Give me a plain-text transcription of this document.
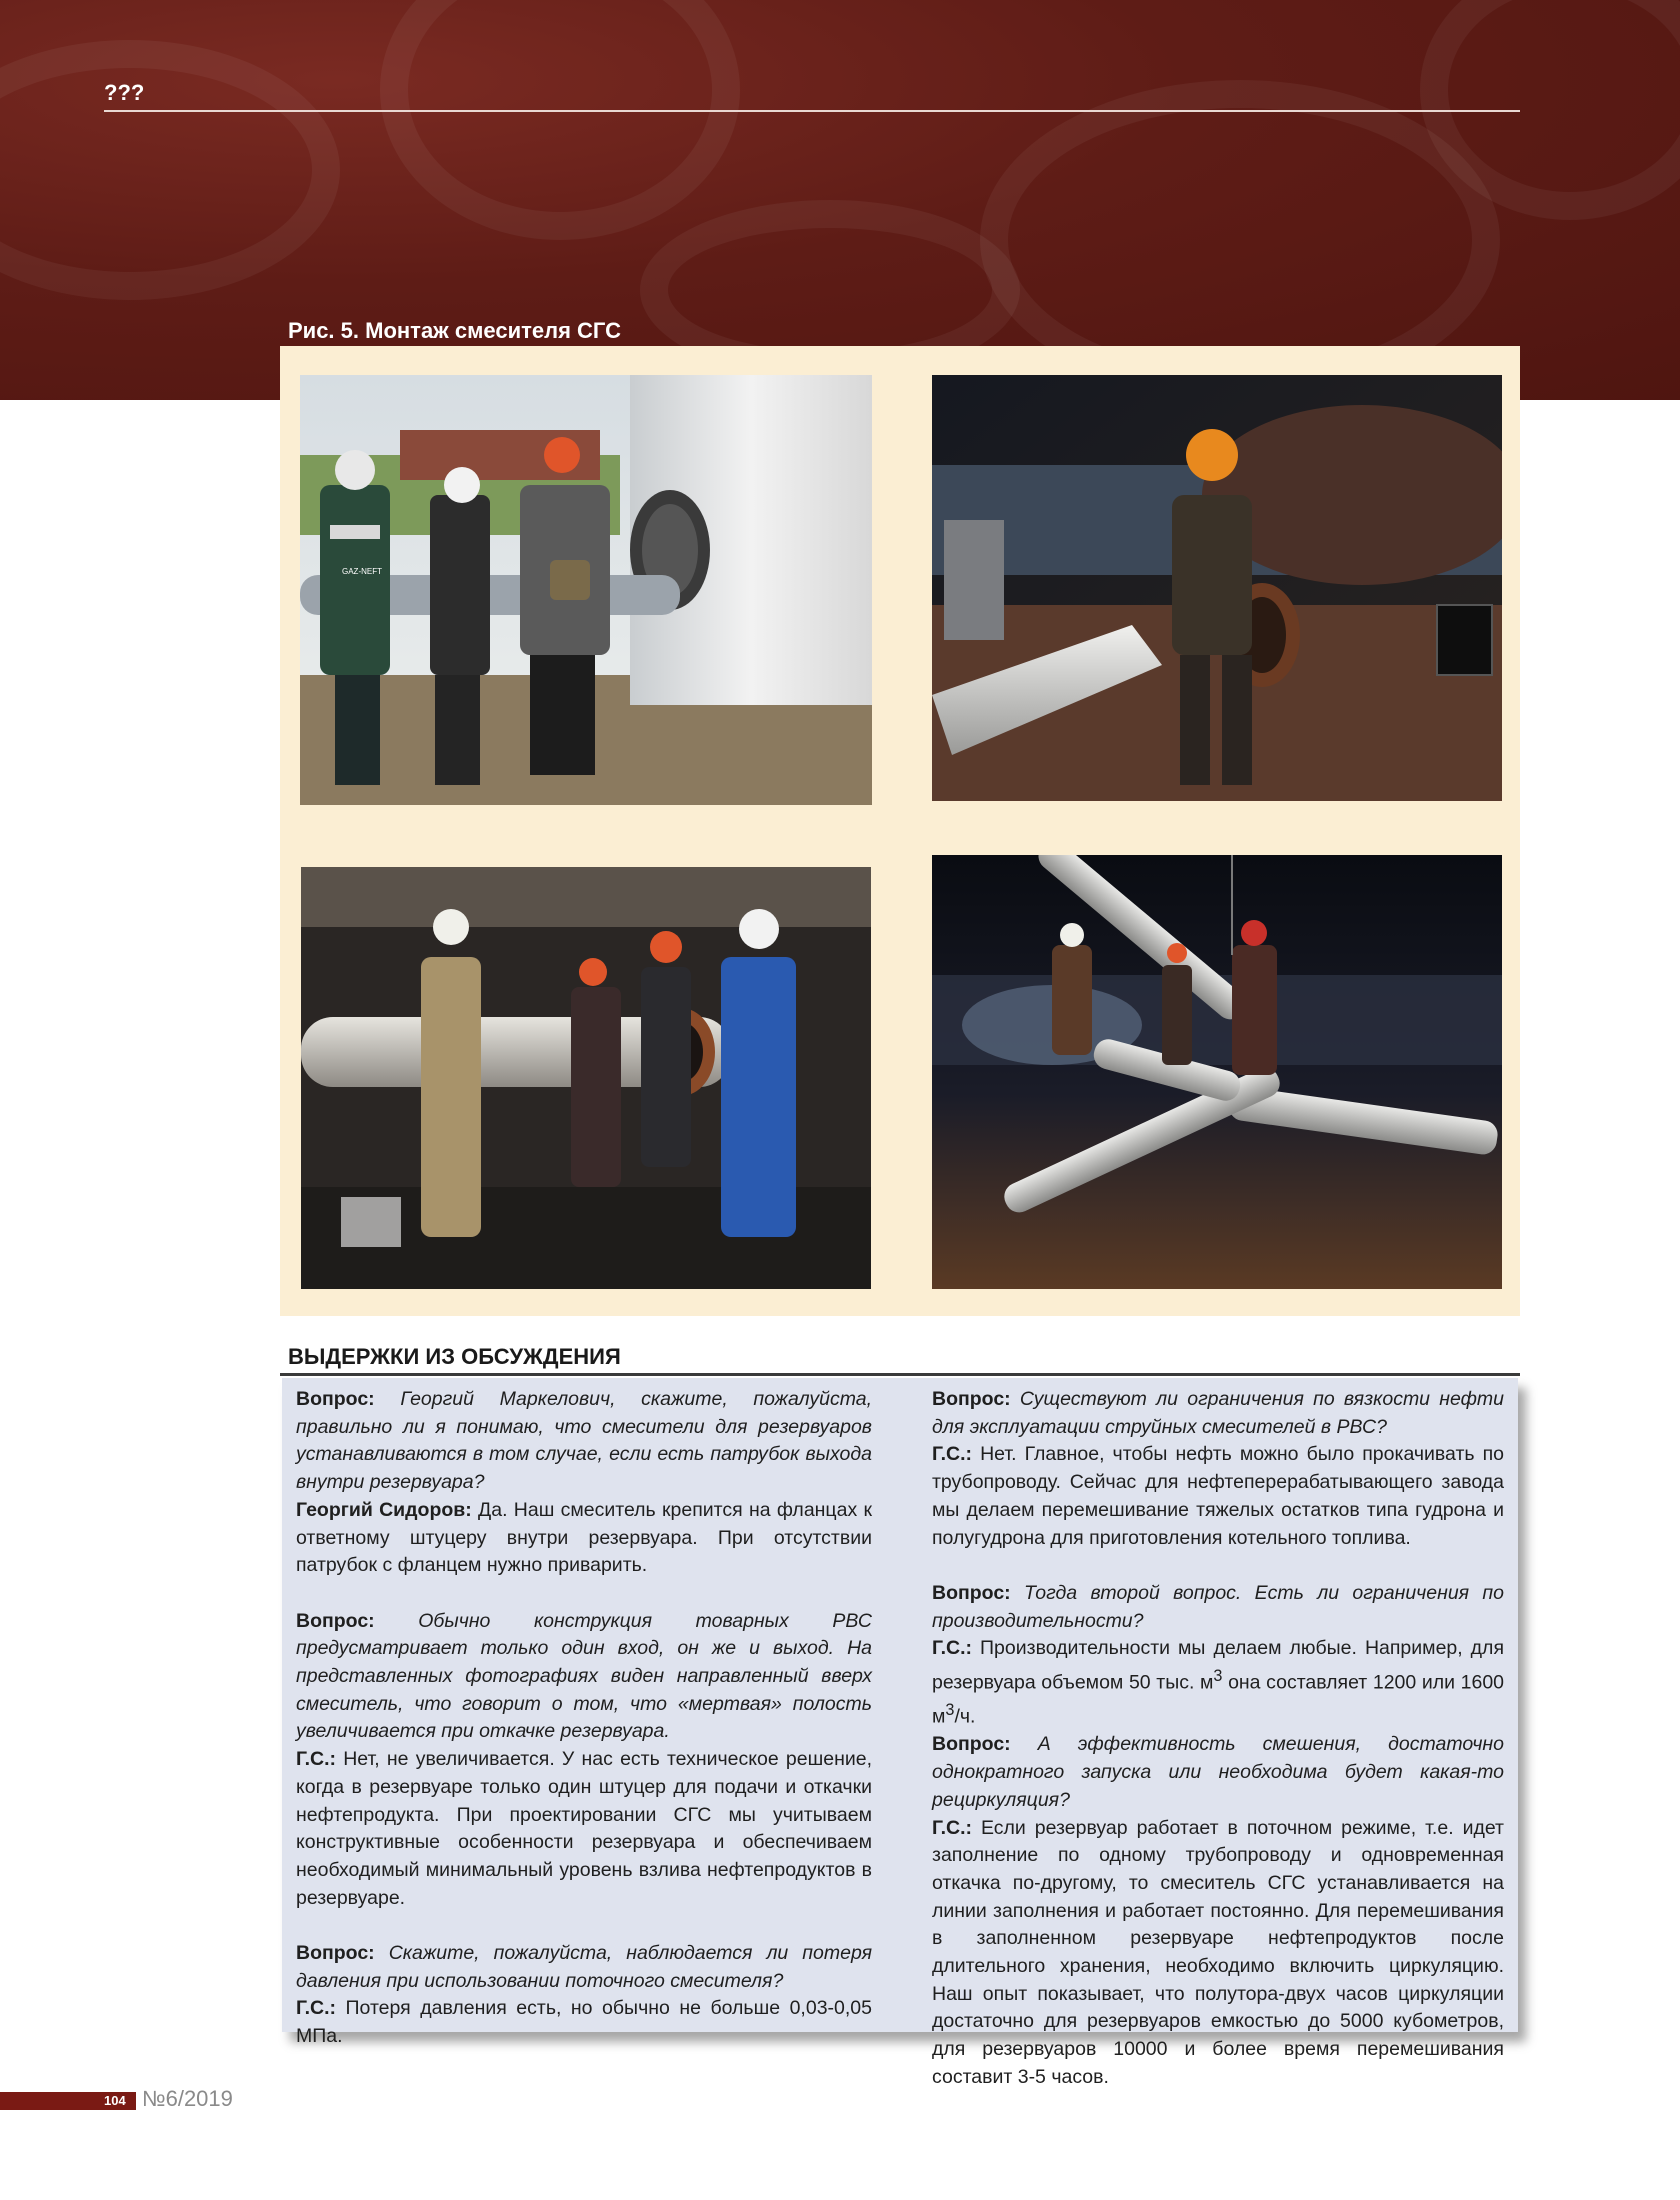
???
Рис. 5. Монтаж смесителя СГС
GAZ-NEFT
ВЫДЕРЖКИ ИЗ ОБСУЖДЕНИЯ

Вопрос: Георгий Маркелович, скажите, пожалуйста, правильно ли я понимаю, что смесители для резервуаров устанавливаются в том случае, если есть патрубок выхода внутри резервуара?

Георгий Сидоров: Да. Наш смеситель крепится на фланцах к ответному штуцеру внутри резервуара. При отсутствии патрубок с фланцем нужно приварить.

Вопрос: Обычно конструкция товарных РВС предусматривает только один вход, он же и выход. На представленных фотографиях виден направленный вверх смеситель, что говорит о том, что «мертвая» полость увеличивается при откачке резервуара.

Г.С.: Нет, не увеличивается. У нас есть техническое решение, когда в резервуаре только один штуцер для подачи и откачки нефтепродукта. При проектировании СГС мы учитываем конструктивные особенности резервуара и обеспечиваем необходимый минимальный уровень взлива нефтепродуктов в резервуаре.

Вопрос: Скажите, пожалуйста, наблюдается ли потеря давления при использовании поточного смесителя?

Г.С.: Потеря давления есть, но обычно не больше 0,03-0,05 МПа.

Вопрос: Существуют ли ограничения по вязкости нефти для эксплуатации струйных смесителей в РВС?

Г.С.: Нет. Главное, чтобы нефть можно было прокачивать по трубопроводу. Сейчас для нефтеперерабатывающего завода мы делаем перемешивание тяжелых остатков типа гудрона и полугудрона для приготовления котельного топлива.

Вопрос: Тогда второй вопрос. Есть ли ограничения по производительности?

Г.С.: Производительности мы делаем любые. Например, для резервуара объемом 50 тыс. $м^3$ она составляет 1200 или 1600 $м^3/ч$.

Вопрос: А эффективность смешения, достаточно однократного запуска или необходима будет какая-то рециркуляция?

Г.С.: Если резервуар работает в поточном режиме, т.е. идет заполнение по одному трубопроводу и одновременная откачка по-другому, то смеситель СГС устанавливается на линии заполнения и работает постоянно. Для перемешивания в заполненном резервуаре нефтепродуктов после длительного хранения, необходимо включить циркуляцию. Наш опыт показывает, что полутора-двух часов циркуляции достаточно для резервуаров емкостью до 5000 кубометров, для резервуаров 10000 и более время перемешивания составит 3-5 часов.

104 №6/2019
